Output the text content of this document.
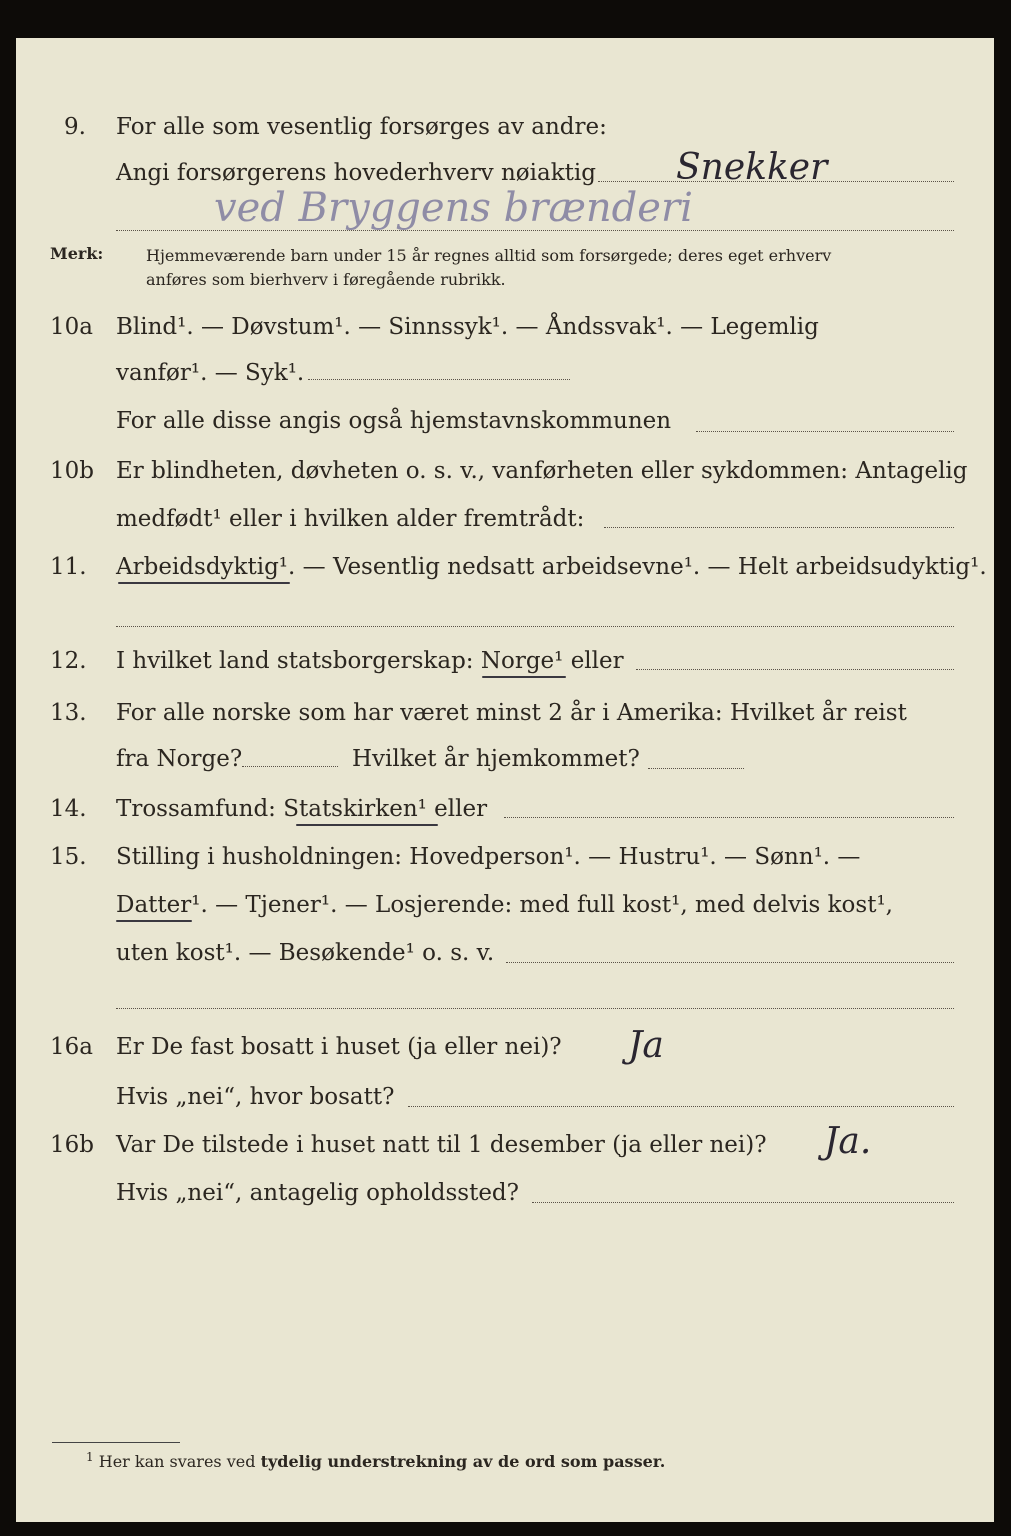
9. For alle som vesentlig forsørges av andre:
Angi forsørgerens hovederhverv nøiaktig Snekker
ved Bryggens brænderi
Merk:	Hjemmeværende barn under 15 år regnes alltid som forsørgede; deres eget erhverv
anføres som bierhverv i føregående rubrikk.
10a Blind¹. — Døvstum¹. — Sinnssyk¹. — Åndssvak¹. — Legemlig
vanfør¹. — Syk¹.
For alle disse angis også hjemstavnskommunen
10b Er blindheten, døvheten o. s. v., vanførheten eller sykdommen: Antagelig
medfødt¹ eller i hvilken alder fremtrådt:
11. Arbeidsdyktig¹. — Vesentlig nedsatt arbeidsevne¹. — Helt arbeidsudyktig¹.
12. I hvilket land statsborgerskap: Norge¹ eller
13. For alle norske som har været minst 2 år i Amerika: Hvilket år reist
fra Norge?	Hvilket år hjemkommet?
14. Trossamfund: Statskirken¹ eller
15. Stilling i husholdningen: Hovedperson¹. — Hustru¹. — Sønn¹. —
Datter¹. — Tjener¹. — Losjerende: med full kost¹, med delvis kost¹,
uten kost¹. — Besøkende¹ o. s. v.
16a Er De fast bosatt i huset (ja eller nei)? Ja
Hvis „nei“, hvor bosatt?
16b Var De tilstede i huset natt til 1 desember (ja eller nei)? Ja.
Hvis „nei“, antagelig opholdssted?
$^1$ Her kan svares ved tydelig understrekning av de ord som passer.
